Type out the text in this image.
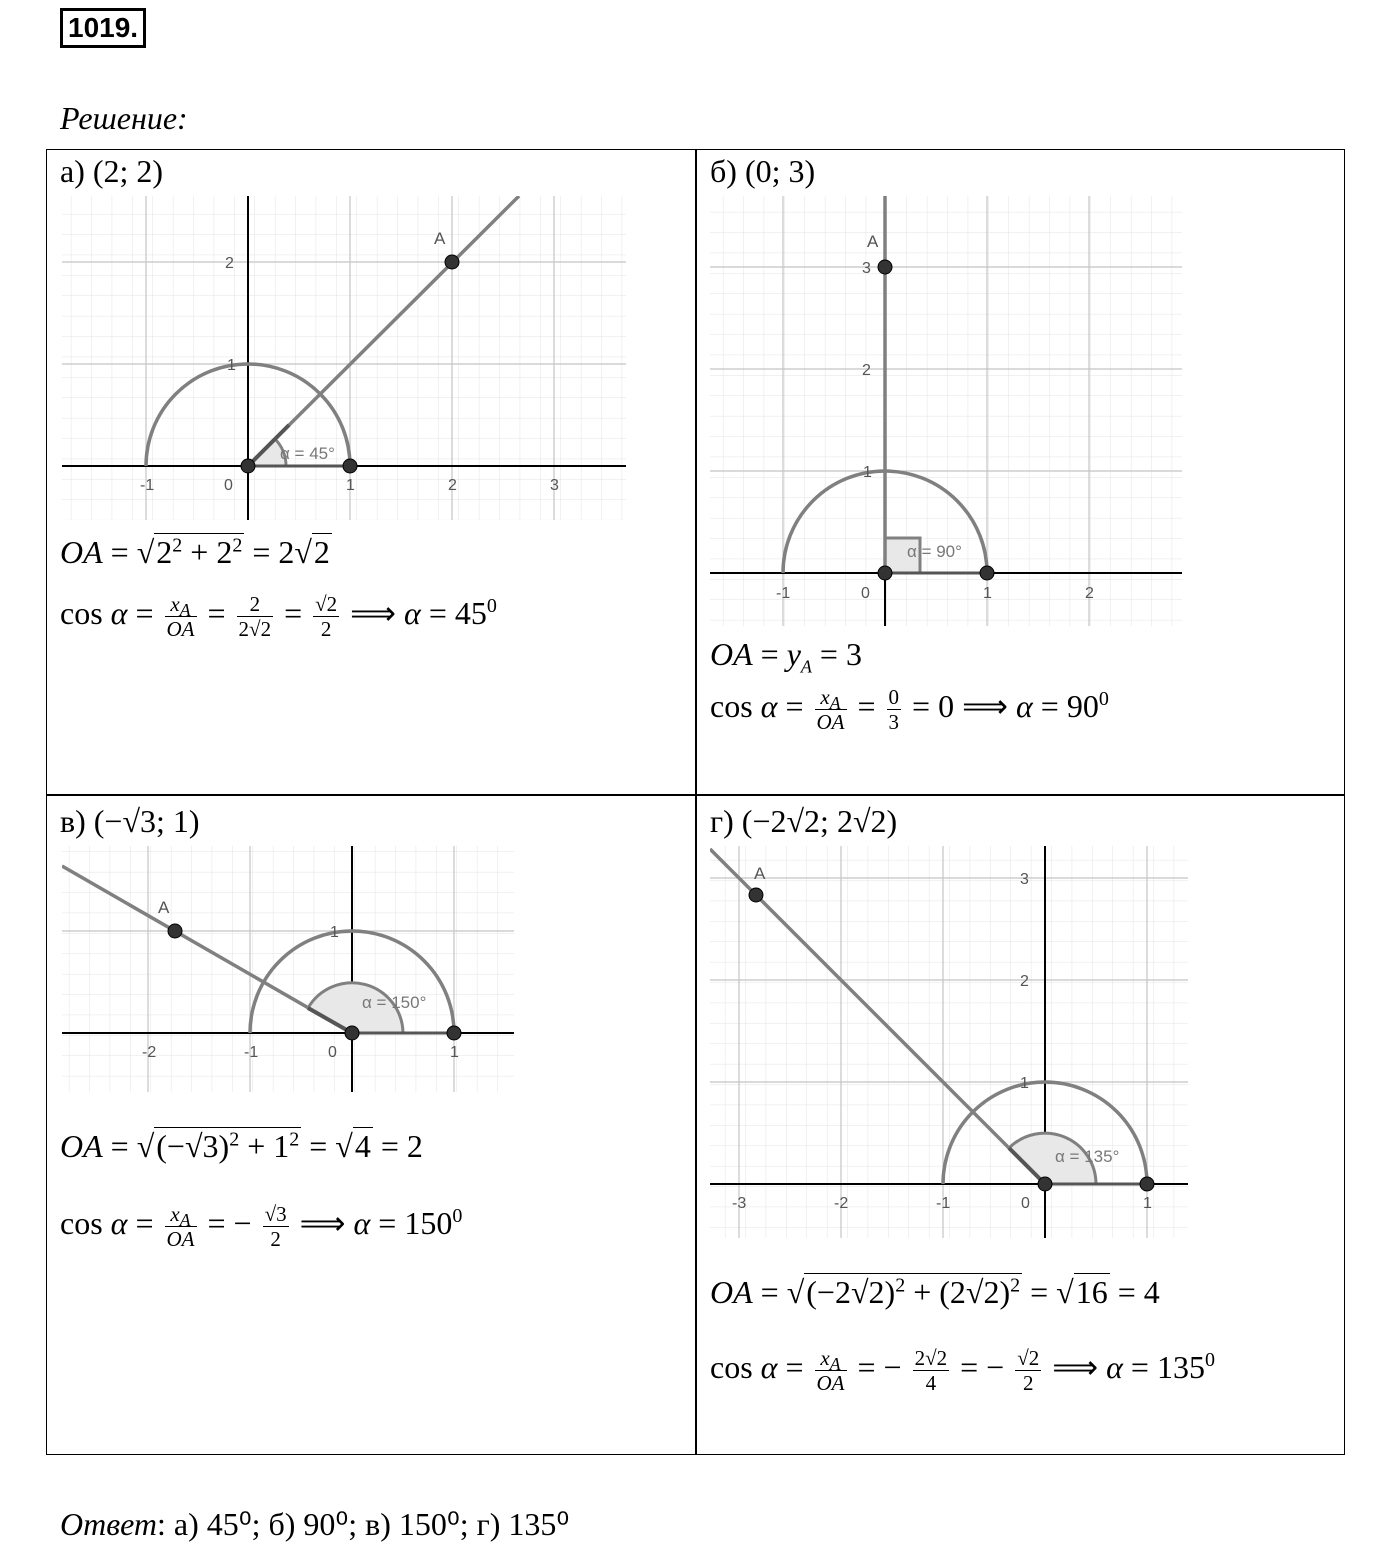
1019.
Решение:
а) (2; 2)
α = 45°
A
-1	0	1	2	3
1
2
OA = $√2^2 + 2^2 = 2√2$
$\cos \alpha = \frac{x_A}{OA} = \frac{2}{2√2} = \frac{√2}{2}$ ⟹ $\alpha = 45^0$
б) (0; 3)
α = 90°
A
-1	0	1	2
1
2
3
OA = $y_A = 3$
$\cos \alpha = \frac{x_A}{OA} = \frac{0}{3} = 0$ ⟹ $\alpha = 90^0$
в) (−√3; 1)
α = 150°
A
-2	-1	0	1
1
OA = $√(-√3)^2 + 1^2 = √4 = 2$
$\cos \alpha = \frac{x_A}{OA}$ = − $\frac{√3}{2}$ ⟹ $\alpha = 150^0$
г) (−2√2; 2√2)
α = 135°
A
-3	-2	-1	0	1
1
2
3
OA = $√(-2√2)^2 + (2√2)^2 = √16 = 4$
$\cos \alpha = \frac{x_A}{OA}$ = − $\frac{2√2}{4}$ = − $\frac{√2}{2}$ ⟹ $\alpha = 135^0$
Ответ: а) 45⁰; б) 90⁰; в) 150⁰; г) 135⁰
